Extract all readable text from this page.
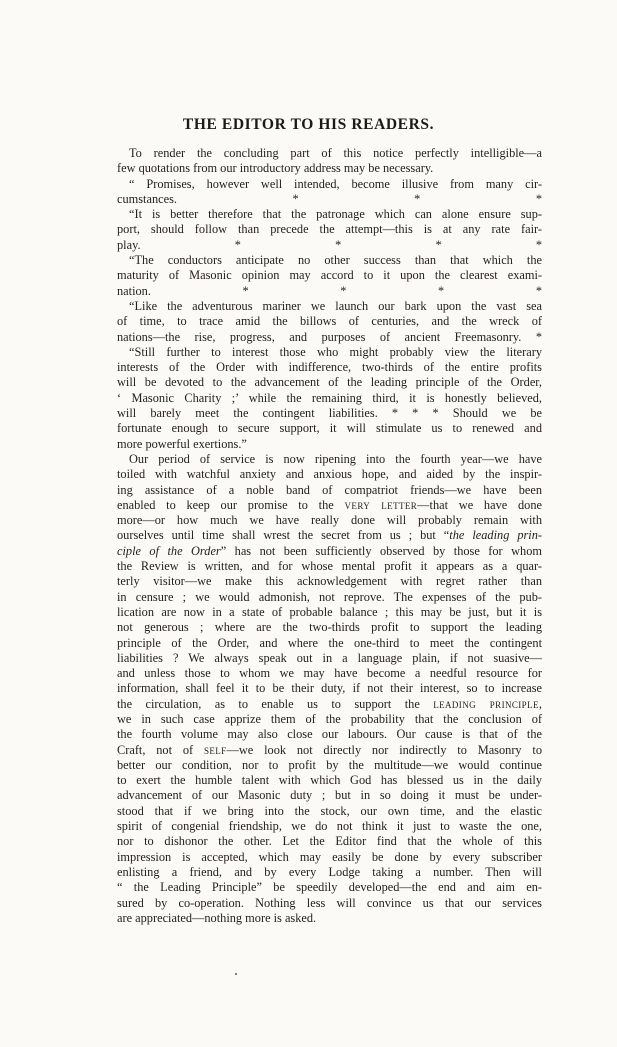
THE EDITOR TO HIS READERS.
To render the concluding part of this notice perfectly intelligible—a
few quotations from our introductory address may be necessary.
“ Promises, however well intended, become illusive from many cir-
cumstances. * * *
“It is better therefore that the patronage which can alone ensure sup-
port, should follow than precede the attempt—this is at any rate fair-
play. * * * *
“The conductors anticipate no other success than that which the
maturity of Masonic opinion may accord to it upon the clearest exami-
nation. * * * *
“Like the adventurous mariner we launch our bark upon the vast sea
of time, to trace amid the billows of centuries, and the wreck of
nations—the rise, progress, and purposes of ancient Freemasonry. *
“Still further to interest those who might probably view the literary
interests of the Order with indifference, two-thirds of the entire profits
will be devoted to the advancement of the leading principle of the Order,
‘ Masonic Charity ;’ while the remaining third, it is honestly believed,
will barely meet the contingent liabilities. * * * Should we be
fortunate enough to secure support, it will stimulate us to renewed and
more powerful exertions.”
Our period of service is now ripening into the fourth year—we have
toiled with watchful anxiety and anxious hope, and aided by the inspir-
ing assistance of a noble band of compatriot friends—we have been
enabled to keep our promise to the very letter—that we have done
more—or how much we have really done will probably remain with
ourselves until time shall wrest the secret from us ; but “the leading prin-
ciple of the Order” has not been sufficiently observed by those for whom
the Review is written, and for whose mental profit it appears as a quar-
terly visitor—we make this acknowledgement with regret rather than
in censure ; we would admonish, not reprove. The expenses of the pub-
lication are now in a state of probable balance ; this may be just, but it is
not generous ; where are the two-thirds profit to support the leading
principle of the Order, and where the one-third to meet the contingent
liabilities ? We always speak out in a language plain, if not suasive—
and unless those to whom we may have become a needful resource for
information, shall feel it to be their duty, if not their interest, so to increase
the circulation, as to enable us to support the leading principle,
we in such case apprize them of the probability that the conclusion of
the fourth volume may also close our labours. Our cause is that of the
Craft, not of self—we look not directly nor indirectly to Masonry to
better our condition, nor to profit by the multitude—we would continue
to exert the humble talent with which God has blessed us in the daily
advancement of our Masonic duty ; but in so doing it must be under-
stood that if we bring into the stock, our own time, and the elastic
spirit of congenial friendship, we do not think it just to waste the one,
nor to dishonor the other. Let the Editor find that the whole of this
impression is accepted, which may easily be done by every subscriber
enlisting a friend, and by every Lodge taking a number. Then will
“ the Leading Principle” be speedily developed—the end and aim en-
sured by co-operation. Nothing less will convince us that our services
are appreciated—nothing more is asked.
